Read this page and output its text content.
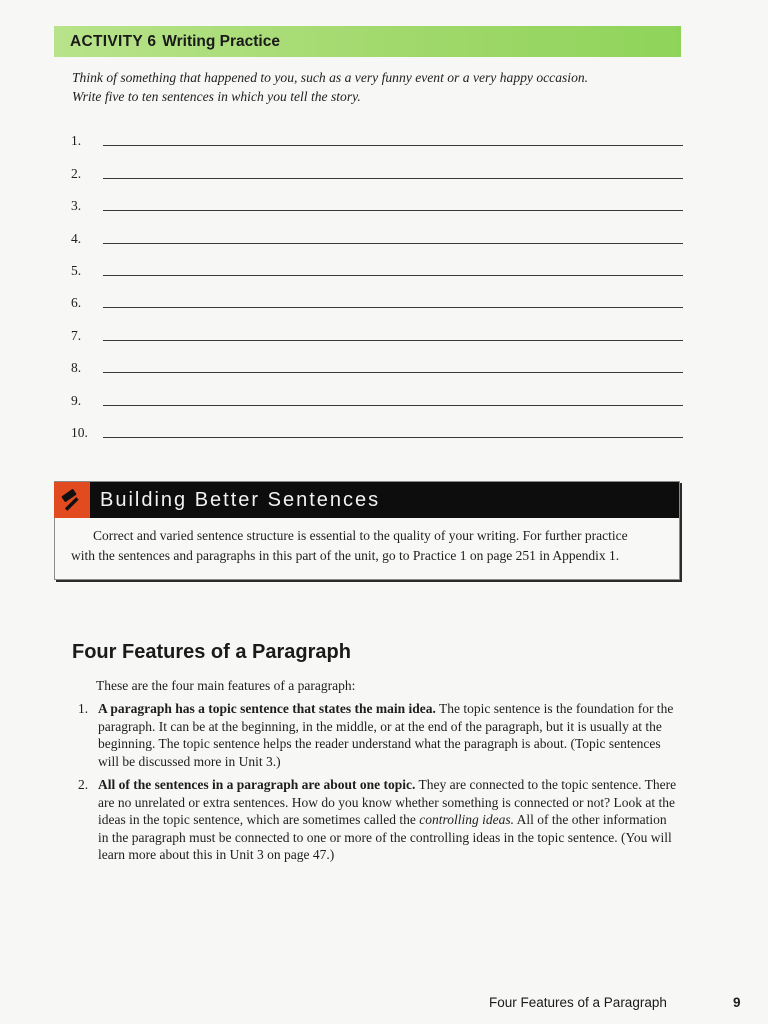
ACTIVITY 6 Writing Practice
Think of something that happened to you, such as a very funny event or a very happy occasion.
Write five to ten sentences in which you tell the story.
1.
2.
3.
4.
5.
6.
7.
8.
9.
10.
Building Better Sentences
Correct and varied sentence structure is essential to the quality of your writing. For further practice
with the sentences and paragraphs in this part of the unit, go to Practice 1 on page 251 in Appendix 1.
Four Features of a Paragraph
These are the four main features of a paragraph:
1. A paragraph has a topic sentence that states the main idea. The topic sentence is the foundation for the paragraph. It can be at the beginning, in the middle, or at the end of the paragraph, but it is usually at the beginning. The topic sentence helps the reader understand what the paragraph is about. (Topic sentences will be discussed more in Unit 3.)
2. All of the sentences in a paragraph are about one topic. They are connected to the topic sentence. There are no unrelated or extra sentences. How do you know whether something is connected or not? Look at the ideas in the topic sentence, which are sometimes called the controlling ideas. All of the other information in the paragraph must be connected to one or more of the controlling ideas in the topic sentence. (You will learn more about this in Unit 3 on page 47.)
Four Features of a Paragraph	9
